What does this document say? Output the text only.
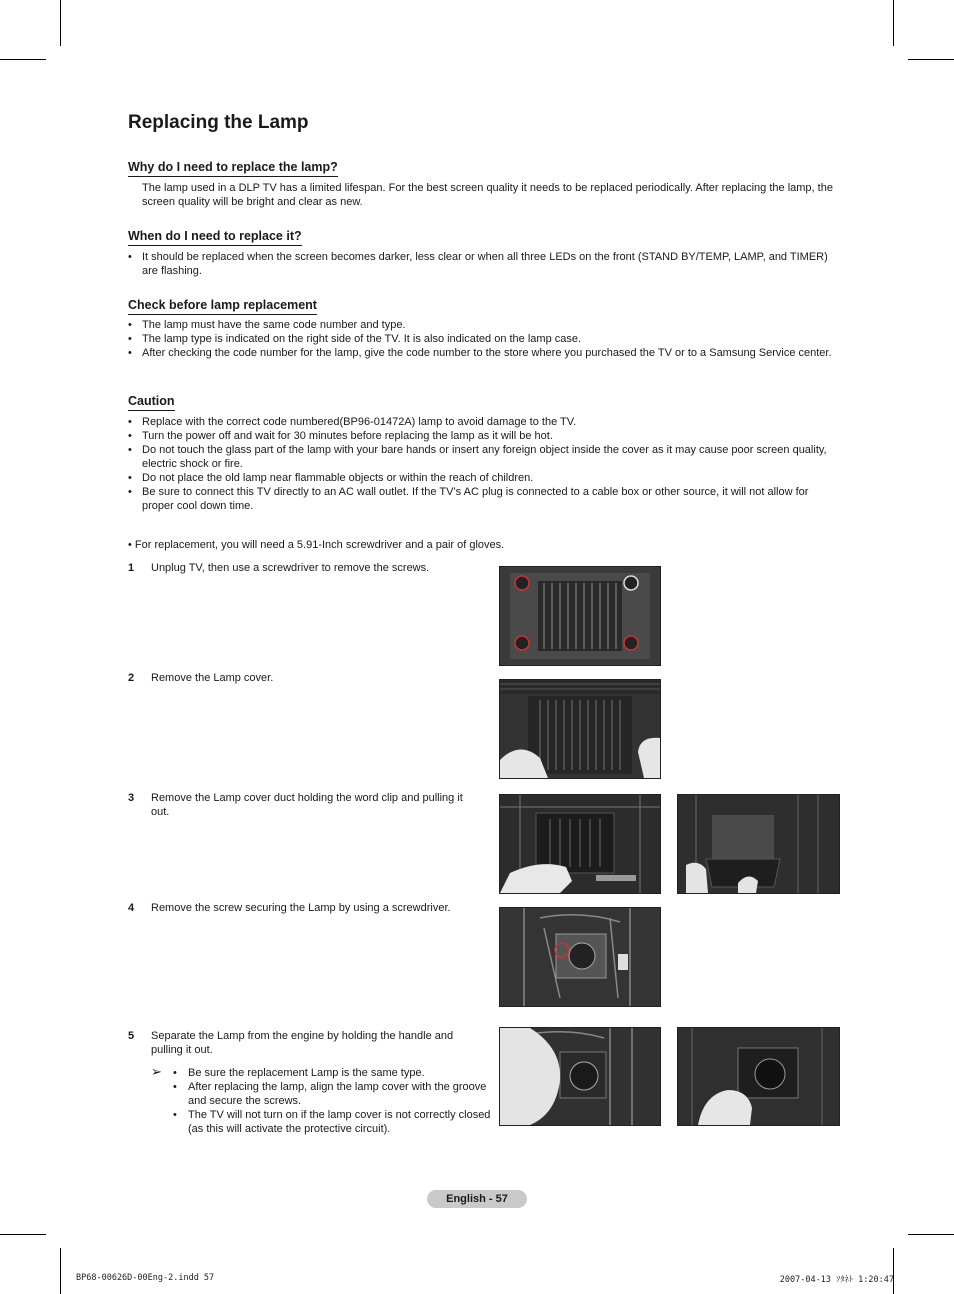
Replacing the Lamp
Why do I need to replace the lamp?

The lamp used in a DLP TV has a limited lifespan. For the best screen quality it needs to be replaced periodically. After replacing the lamp, the screen quality will be bright and clear as new.

When do I need to replace it?
• It should be replaced when the screen becomes darker, less clear or when all three LEDs on the front (STAND BY/TEMP, LAMP, and TIMER) are flashing.
Check before lamp replacement
• The lamp must have the same code number and type.
• The lamp type is indicated on the right side of the TV. It is also indicated on the lamp case.
• After checking the code number for the lamp, give the code number to the store where you purchased the TV or to a Samsung Service center.
Caution
• Replace with the correct code numbered(BP96-01472A) lamp to avoid damage to the TV.
• Turn the power off and wait for 30 minutes before replacing the lamp as it will be hot.
• Do not touch the glass part of the lamp with your bare hands or insert any foreign object inside the cover as it may cause poor screen quality, electric shock or fire.
• Do not place the old lamp near flammable objects or within the reach of children.
• Be sure to connect this TV directly to an AC wall outlet. If the TV’s AC plug is connected to a cable box or other source, it will not allow for proper cool down time.
• For replacement, you will need a 5.91-Inch screwdriver and a pair of gloves.
1 Unplug TV, then use a screwdriver to remove the screws.
2 Remove the Lamp cover.
3 Remove the Lamp cover duct holding the word clip and pulling it out.
4 Remove the screw securing the Lamp by using a screwdriver.
5 Separate the Lamp from the engine by holding the handle and pulling it out.
➢
•	Be sure the replacement Lamp is the same type.
• After replacing the lamp, align the lamp cover with the groove and secure the screws.
• The TV will not turn on if the lamp cover is not correctly closed (as this will activate the protective circuit).
English - 57
BP68-00626D-00Eng-2.indd 57	2007-04-13 ｿﾀﾈﾄ 1:20:47
